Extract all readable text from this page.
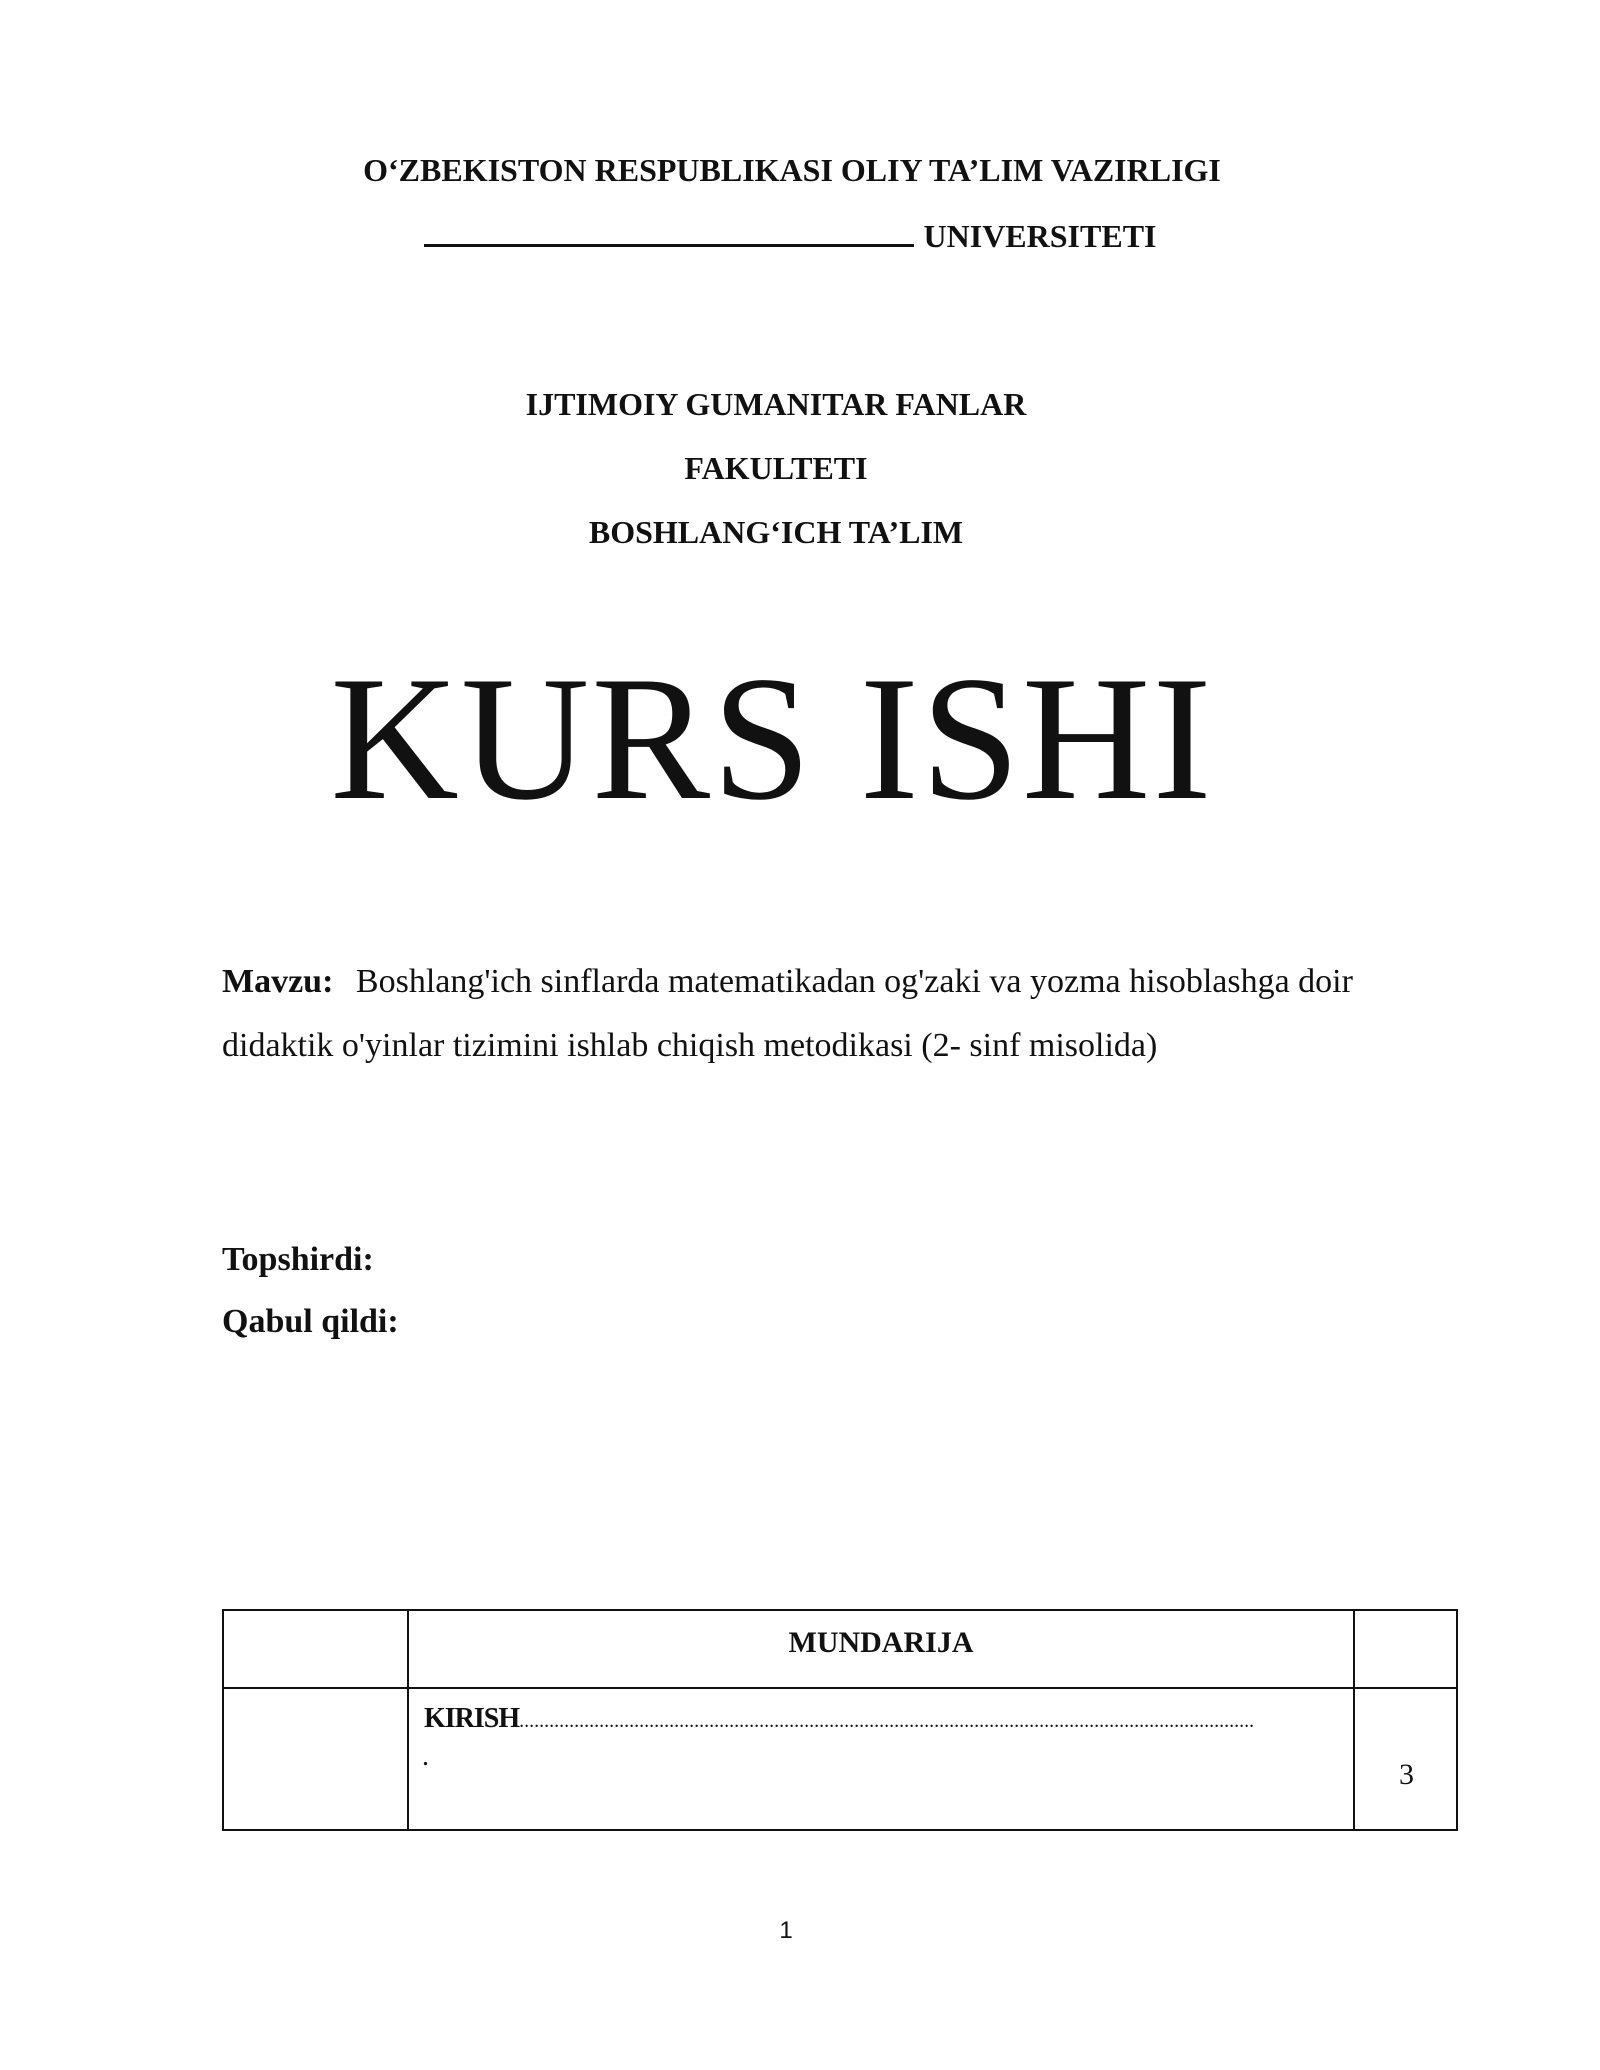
O‘ZBEKISTON RESPUBLIKASI OLIY TA’LIM VAZIRLIGI
UNIVERSITETI
IJTIMOIY GUMANITAR FANLAR
FAKULTETI
BOSHLANG‘ICH TA’LIM
KURS ISHI
Mavzu: Boshlang'ich sinflarda matematikadan og'zaki va yozma hisoblashga doir didaktik o'yinlar tizimini ishlab chiqish metodikasi (2- sinf misolida)
Topshirdi:
Qabul qildi:
MUNDARIJA
KIRISH...................................................................................................................................................
.
3
1
